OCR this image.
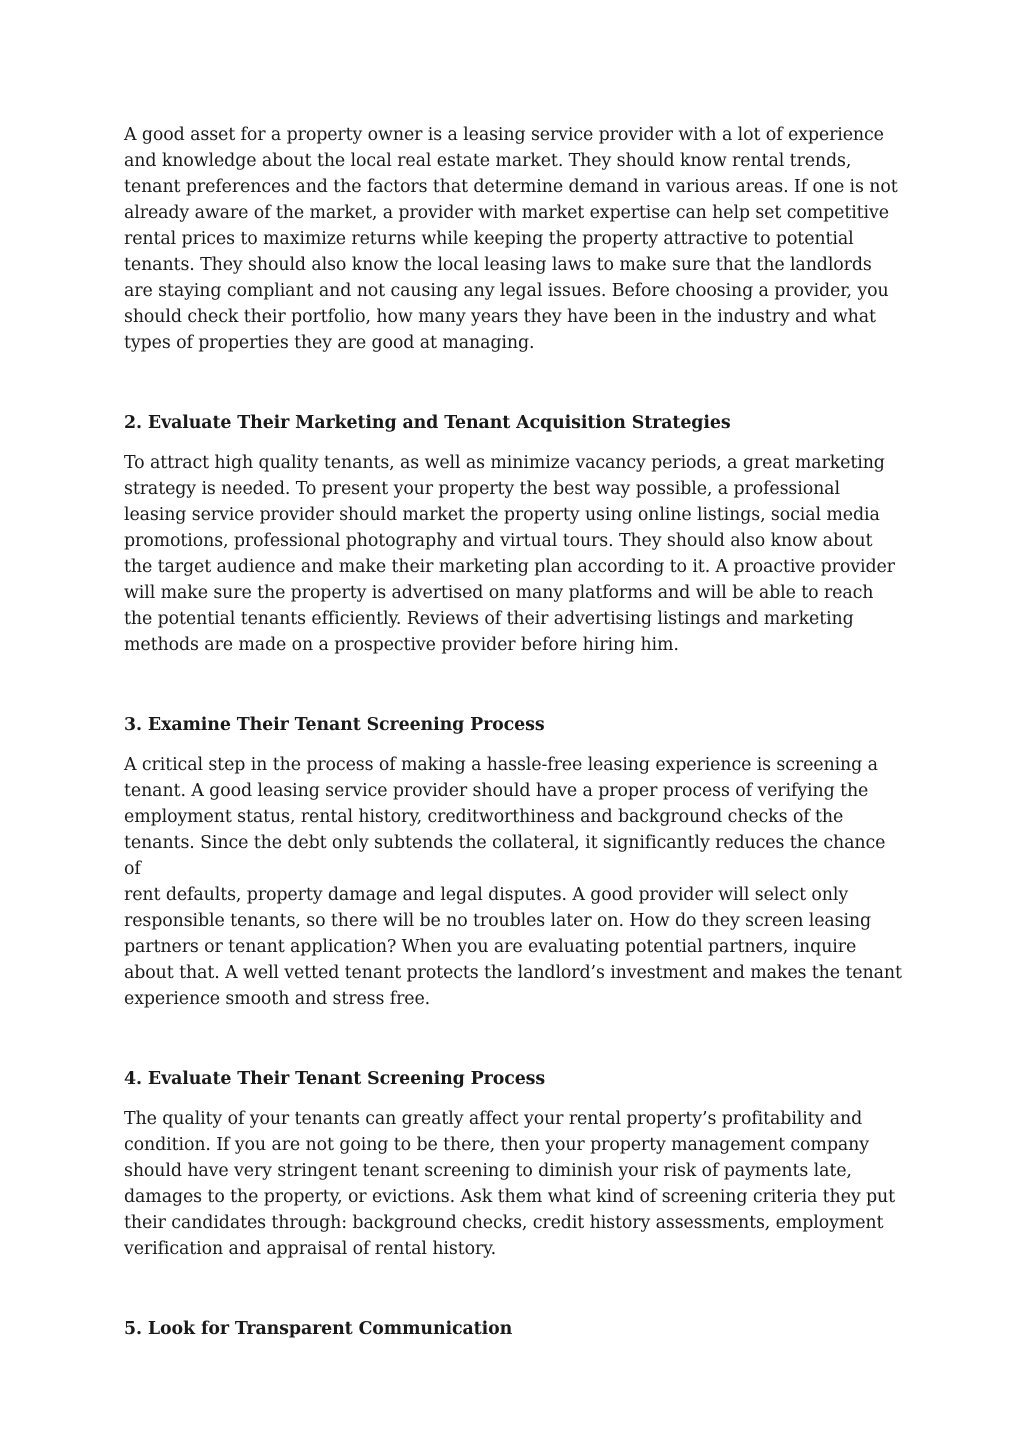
A good asset for a property owner is a leasing service provider with a lot of experience
and knowledge about the local real estate market. They should know rental trends,
tenant preferences and the factors that determine demand in various areas. If one is not
already aware of the market, a provider with market expertise can help set competitive
rental prices to maximize returns while keeping the property attractive to potential
tenants. They should also know the local leasing laws to make sure that the landlords
are staying compliant and not causing any legal issues. Before choosing a provider, you
should check their portfolio, how many years they have been in the industry and what
types of properties they are good at managing.

2. Evaluate Their Marketing and Tenant Acquisition Strategies

To attract high quality tenants, as well as minimize vacancy periods, a great marketing
strategy is needed. To present your property the best way possible, a professional
leasing service provider should market the property using online listings, social media
promotions, professional photography and virtual tours. They should also know about
the target audience and make their marketing plan according to it. A proactive provider
will make sure the property is advertised on many platforms and will be able to reach
the potential tenants efficiently. Reviews of their advertising listings and marketing
methods are made on a prospective provider before hiring him.

3. Examine Their Tenant Screening Process

A critical step in the process of making a hassle-free leasing experience is screening a
tenant. A good leasing service provider should have a proper process of verifying the
employment status, rental history, creditworthiness and background checks of the
tenants. Since the debt only subtends the collateral, it significantly reduces the chance of
rent defaults, property damage and legal disputes. A good provider will select only
responsible tenants, so there will be no troubles later on. How do they screen leasing
partners or tenant application? When you are evaluating potential partners, inquire
about that. A well vetted tenant protects the landlord’s investment and makes the tenant
experience smooth and stress free.

4. Evaluate Their Tenant Screening Process

The quality of your tenants can greatly affect your rental property’s profitability and
condition. If you are not going to be there, then your property management company
should have very stringent tenant screening to diminish your risk of payments late,
damages to the property, or evictions. Ask them what kind of screening criteria they put
their candidates through: background checks, credit history assessments, employment
verification and appraisal of rental history.

5. Look for Transparent Communication
